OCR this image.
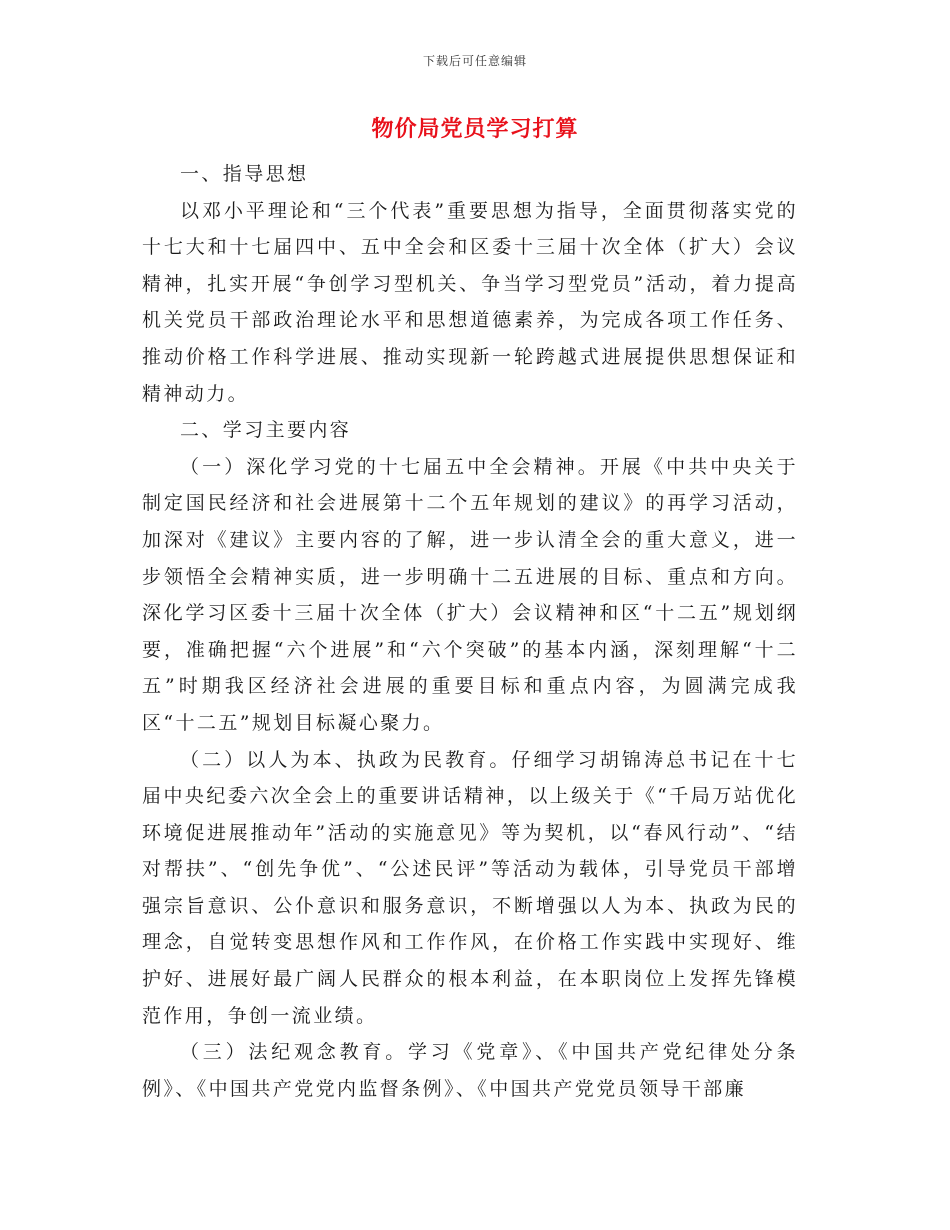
下载后可任意编辑
物价局党员学习打算

一、指导思想

以邓小平理论和“三个代表”重要思想为指导，全面贯彻落实党的十七大和十七届四中、五中全会和区委十三届十次全体（扩大）会议精神，扎实开展“争创学习型机关、争当学习型党员”活动，着力提高机关党员干部政治理论水平和思想道德素养，为完成各项工作任务、推动价格工作科学进展、推动实现新一轮跨越式进展提供思想保证和精神动力。

二、学习主要内容

（一）深化学习党的十七届五中全会精神。开展《中共中央关于制定国民经济和社会进展第十二个五年规划的建议》的再学习活动，加深对《建议》主要内容的了解，进一步认清全会的重大意义，进一步领悟全会精神实质，进一步明确十二五进展的目标、重点和方向。深化学习区委十三届十次全体（扩大）会议精神和区“十二五”规划纲要，准确把握“六个进展”和“六个突破”的基本内涵，深刻理解“十二五”时期我区经济社会进展的重要目标和重点内容，为圆满完成我区“十二五”规划目标凝心聚力。

（二）以人为本、执政为民教育。仔细学习胡锦涛总书记在十七届中央纪委六次全会上的重要讲话精神，以上级关于《“千局万站优化环境促进展推动年”活动的实施意见》等为契机，以“春风行动”、“结对帮扶”、“创先争优”、“公述民评”等活动为载体，引导党员干部增强宗旨意识、公仆意识和服务意识，不断增强以人为本、执政为民的理念，自觉转变思想作风和工作作风，在价格工作实践中实现好、维护好、进展好最广阔人民群众的根本利益，在本职岗位上发挥先锋模范作用，争创一流业绩。

（三）法纪观念教育。学习《党章》、《中国共产党纪律处分条例》、《中国共产党党内监督条例》、《中国共产党党员领导干部廉
